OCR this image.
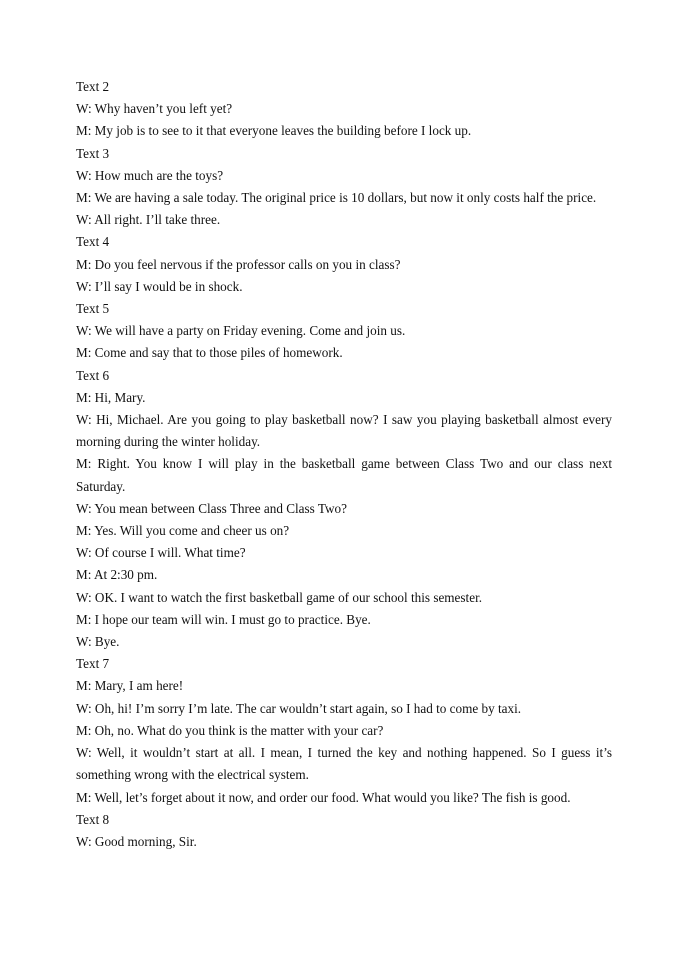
Text 2
W: Why haven’t you left yet?
M: My job is to see to it that everyone leaves the building before I lock up.
Text 3
W: How much are the toys?
M: We are having a sale today. The original price is 10 dollars, but now it only costs half the price.
W: All right. I’ll take three.
Text 4
M: Do you feel nervous if the professor calls on you in class?
W: I’ll say I would be in shock.
Text 5
W: We will have a party on Friday evening. Come and join us.
M: Come and say that to those piles of homework.
Text 6
M: Hi, Mary.
W: Hi, Michael. Are you going to play basketball now? I saw you playing basketball almost every morning during the winter holiday.
M: Right. You know I will play in the basketball game between Class Two and our class next Saturday.
W: You mean between Class Three and Class Two?
M: Yes. Will you come and cheer us on?
W: Of course I will. What time?
M: At 2:30 pm.
W: OK. I want to watch the first basketball game of our school this semester.
M: I hope our team will win. I must go to practice. Bye.
W: Bye.
Text 7
M: Mary, I am here!
W: Oh, hi! I’m sorry I’m late. The car wouldn’t start again, so I had to come by taxi.
M: Oh, no. What do you think is the matter with your car?
W: Well, it wouldn’t start at all. I mean, I turned the key and nothing happened. So I guess it’s something wrong with the electrical system.
M: Well, let’s forget about it now, and order our food. What would you like? The fish is good.
Text 8
W: Good morning, Sir.
